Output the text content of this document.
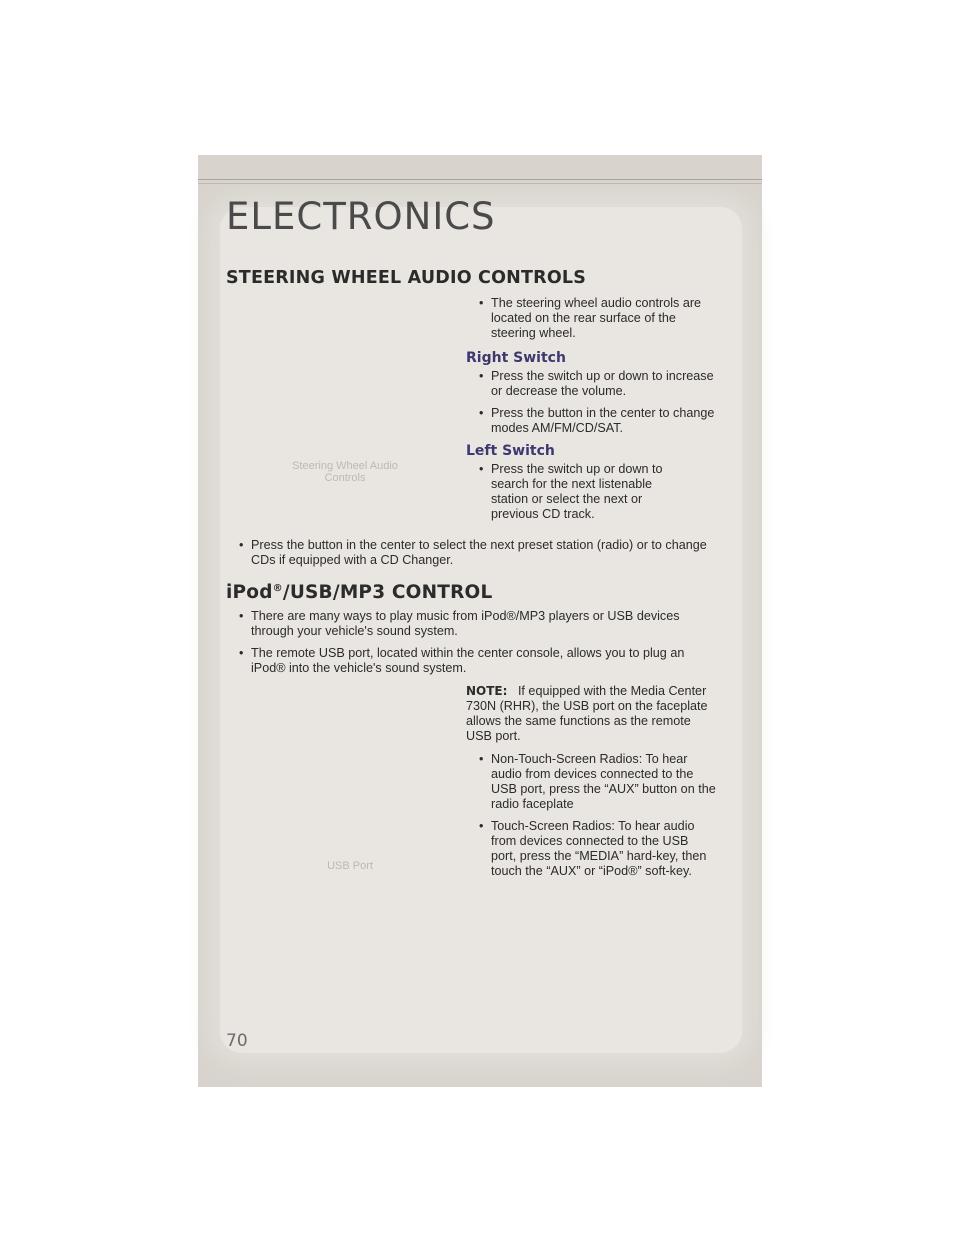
ELECTRONICS
70
STEERING WHEEL AUDIO CONTROLS
• The steering wheel audio controls are located on the rear surface of the steering wheel.
Steering Wheel Audio Controls
Right Switch
• Press the switch up or down to increase or decrease the volume.
• Press the button in the center to change modes AM/FM/CD/SAT.
Left Switch
• Press the switch up or down to search for the next listenable station or select the next or previous CD track.
• Press the button in the center to select the next preset station (radio) or to change CDs if equipped with a CD Changer.
iPod®/USB/MP3 CONTROL
• There are many ways to play music from iPod®/MP3 players or USB devices through your vehicle's sound system.
• The remote USB port, located within the center console, allows you to plug an iPod® into the vehicle's sound system.
USB Port
NOTE: If equipped with the Media Center 730N (RHR), the USB port on the faceplate allows the same functions as the remote USB port.
• Non-Touch-Screen Radios: To hear audio from devices connected to the USB port, press the “AUX” button on the radio faceplate
• Touch-Screen Radios: To hear audio from devices connected to the USB port, press the “MEDIA” hard-key, then touch the “AUX” or “iPod®” soft-key.
